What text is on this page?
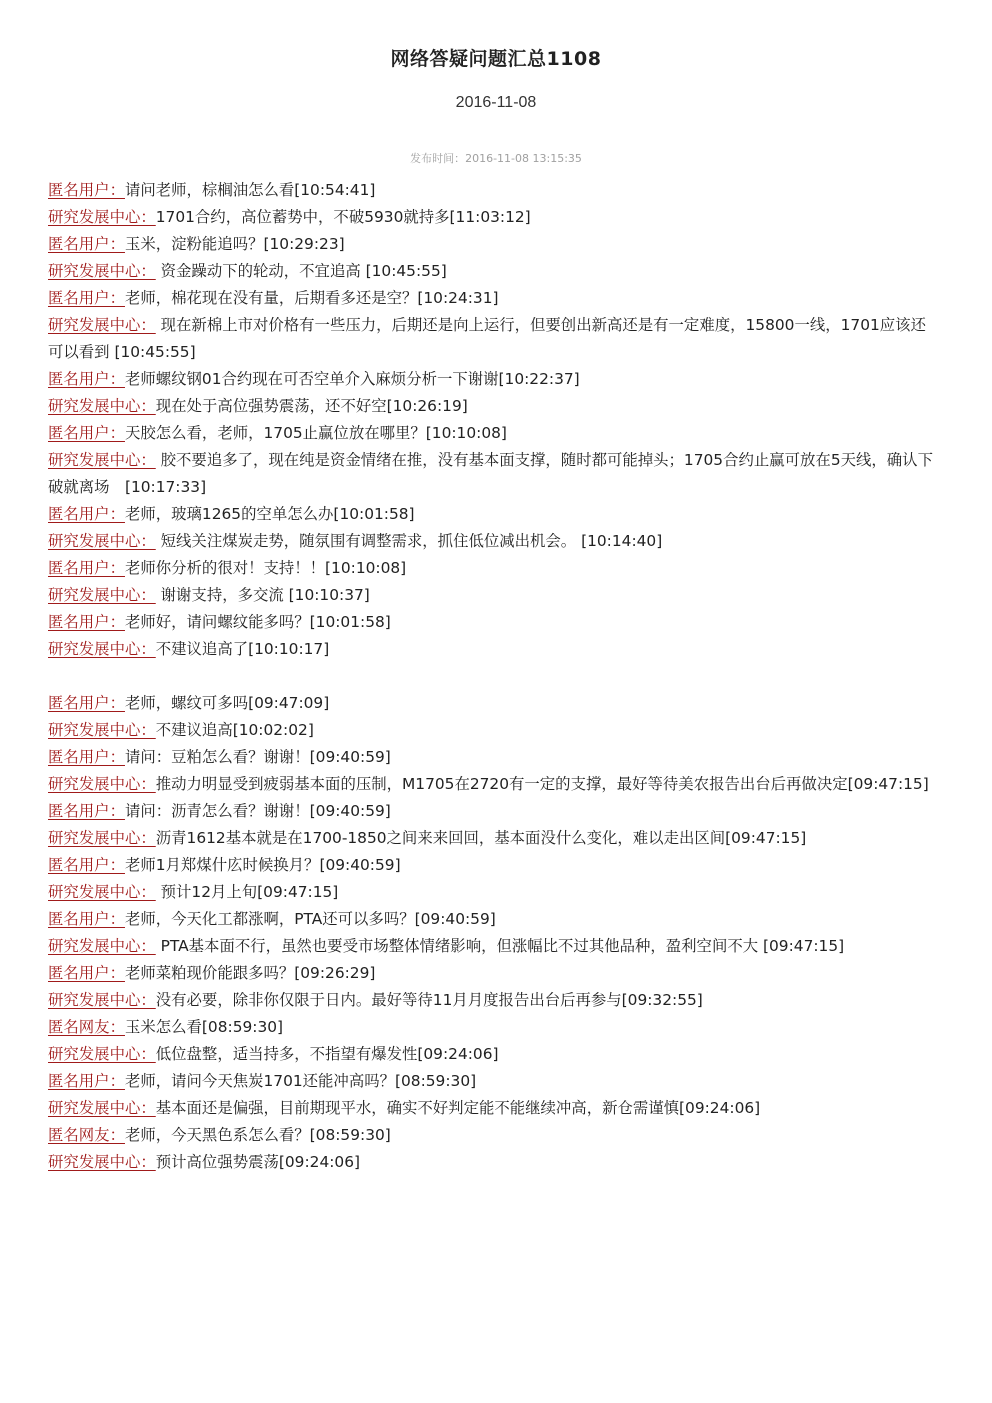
网络答疑问题汇总1108
2016-11-08
发布时间：2016-11-08 13:15:35

匿名用户：请问老师，棕榈油怎么看[10:54:41]

研究发展中心：1701合约，高位蓄势中，不破5930就持多[11:03:12]

匿名用户：玉米，淀粉能追吗？[10:29:23]

研究发展中心： 资金躁动下的轮动，不宜追高 [10:45:55]

匿名用户：老师，棉花现在没有量，后期看多还是空？[10:24:31]

研究发展中心： 现在新棉上市对价格有一些压力，后期还是向上运行，但要创出新高还是有一定难度，15800一线，1701应该还可以看到 [10:45:55]

匿名用户：老师螺纹钢01合约现在可否空单介入麻烦分析一下谢谢[10:22:37]

研究发展中心：现在处于高位强势震荡，还不好空[10:26:19]

匿名用户：天胶怎么看，老师，1705止赢位放在哪里？[10:10:08]

研究发展中心： 胶不要追多了，现在纯是资金情绪在推，没有基本面支撑，随时都可能掉头；1705合约止赢可放在5天线，确认下破就离场　[10:17:33]

匿名用户：老师，玻璃1265的空单怎么办[10:01:58]

研究发展中心： 短线关注煤炭走势，随氛围有调整需求，抓住低位减出机会。 [10:14:40]

匿名用户：老师你分析的很对！支持！！[10:10:08]

研究发展中心： 谢谢支持，多交流 [10:10:37]

匿名用户：老师好，请问螺纹能多吗？[10:01:58]

研究发展中心：不建议追高了[10:10:17]

匿名用户：老师，螺纹可多吗[09:47:09]

研究发展中心：不建议追高[10:02:02]

匿名用户：请问：豆粕怎么看？谢谢！[09:40:59]

研究发展中心：推动力明显受到疲弱基本面的压制，M1705在2720有一定的支撑，最好等待美农报告出台后再做决定[09:47:15]

匿名用户：请问：沥青怎么看？谢谢！[09:40:59]

研究发展中心：沥青1612基本就是在1700-1850之间来来回回，基本面没什么变化，难以走出区间[09:47:15]

匿名用户：老师1月郑煤什庅时候换月？[09:40:59]

研究发展中心： 预计12月上旬[09:47:15]

匿名用户：老师，今天化工都涨啊，PTA还可以多吗？[09:40:59]

研究发展中心： PTA基本面不行，虽然也要受市场整体情绪影响，但涨幅比不过其他品种，盈利空间不大 [09:47:15]

匿名用户：老师菜粕现价能跟多吗？[09:26:29]

研究发展中心：没有必要，除非你仅限于日内。最好等待11月月度报告出台后再参与[09:32:55]

匿名网友：玉米怎么看[08:59:30]

研究发展中心：低位盘整，适当持多，不指望有爆发性[09:24:06]

匿名用户：老师，请问今天焦炭1701还能冲高吗？[08:59:30]

研究发展中心：基本面还是偏强，目前期现平水，确实不好判定能不能继续冲高，新仓需谨慎[09:24:06]

匿名网友：老师，今天黑色系怎么看？[08:59:30]

研究发展中心：预计高位强势震荡[09:24:06]
